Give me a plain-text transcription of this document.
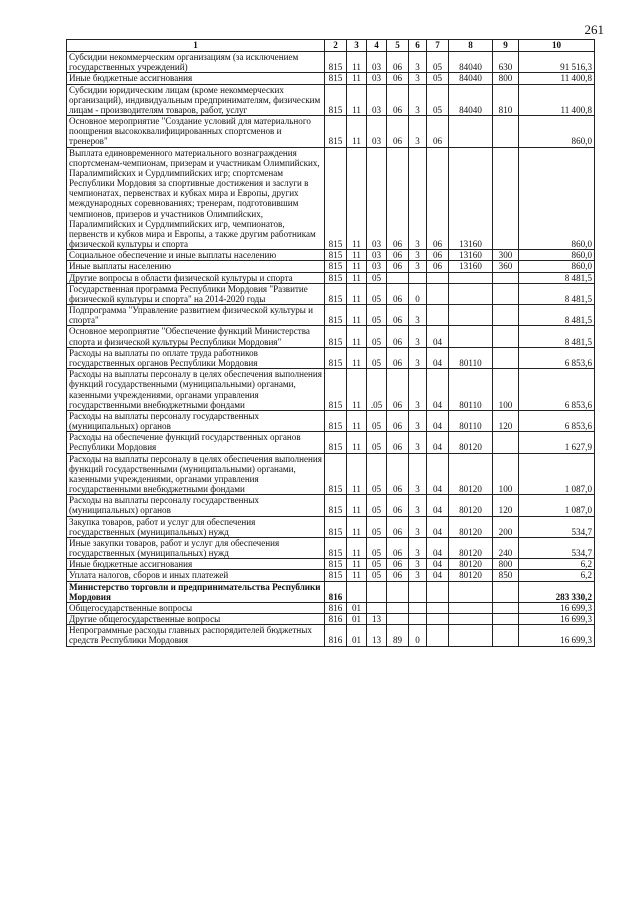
261
1	2	3	4	5	6	7	8	9	10
Субсидии некоммерческим организациям (за исключением государственных учреждений)	815	11	03	06	3	05	84040	630	91 516,3
Иные бюджетные ассигнования	815	11	03	06	3	05	84040	800	11 400,8
Субсидии юридическим лицам (кроме некоммерческих организаций), индивидуальным предпринимателям, физическим лицам - производителям товаров, работ, услуг	815	11	03	06	3	05	84040	810	11 400,8
Основное мероприятие "Создание условий для материального поощрения высококвалифицированных спортсменов и тренеров"	815	11	03	06	3	06			860,0
Выплата единовременного материального вознаграждения спортсменам-чемпионам, призерам и участникам Олимпийских, Паралимпийских и Сурдлимпийских игр; спортсменам Республики Мордовия за спортивные достижения и заслуги в чемпионатах, первенствах и кубках мира и Европы, других международных соревнованиях; тренерам, подготовившим чемпионов, призеров и участников Олимпийских, Паралимпийских и Сурдлимпийских игр, чемпионатов, первенств и кубков мира и Европы, а также другим работникам физической культуры и спорта	815	11	03	06	3	06	13160		860,0
Социальное обеспечение и иные выплаты населению	815	11	03	06	3	06	13160	300	860,0
Иные выплаты населению	815	11	03	06	3	06	13160	360	860,0
Другие вопросы в области физической культуры и спорта	815	11	05						8 481,5
Государственная программа Республики Мордовия "Развитие физической культуры и спорта" на 2014-2020 годы	815	11	05	06	0				8 481,5
Подпрограмма "Управление развитием физической культуры и спорта"	815	11	05	06	3				8 481,5
Основное мероприятие "Обеспечение функций Министерства спорта и физической культуры Республики Мордовия"	815	11	05	06	3	04			8 481,5
Расходы на выплаты по оплате труда работников государственных органов Республики Мордовия	815	11	05	06	3	04	80110		6 853,6
Расходы на выплаты персоналу в целях обеспечения выполнения функций государственными (муниципальными) органами, казенными учреждениями, органами управления государственными внебюджетными фондами	815	11	.05	06	3	04	80110	100	6 853,6
Расходы на выплаты персоналу государственных (муниципальных) органов	815	11	05	06	3	04	80110	120	6 853,6
Расходы на обеспечение функций государственных органов Республики Мордовия	815	11	05	06	3	04	80120		1 627,9
Расходы на выплаты персоналу в целях обеспечения выполнения функций государственными (муниципальными) органами, казенными учреждениями, органами управления государственными внебюджетными фондами	815	11	05	06	3	04	80120	100	1 087,0
Расходы на выплаты персоналу государственных (муниципальных) органов	815	11	05	06	3	04	80120	120	1 087,0
Закупка товаров, работ и услуг для обеспечения государственных (муниципальных) нужд	815	11	05	06	3	04	80120	200	534,7
Иные закупки товаров, работ и услуг для обеспечения государственных (муниципальных) нужд	815	11	05	06	3	04	80120	240	534,7
Иные бюджетные ассигнования	815	11	05	06	3	04	80120	800	6,2
Уплата налогов, сборов и иных платежей	815	11	05	06	3	04	80120	850	6,2
Министерство торговли и предпринимательства Республики Мордовия	816								283 330,2
Общегосударственные вопросы	816	01							16 699,3
Другие общегосударственные вопросы	816	01	13						16 699,3
Непрограммные расходы главных распорядителей бюджетных средств Республики Мордовия	816	01	13	89	0				16 699,3
